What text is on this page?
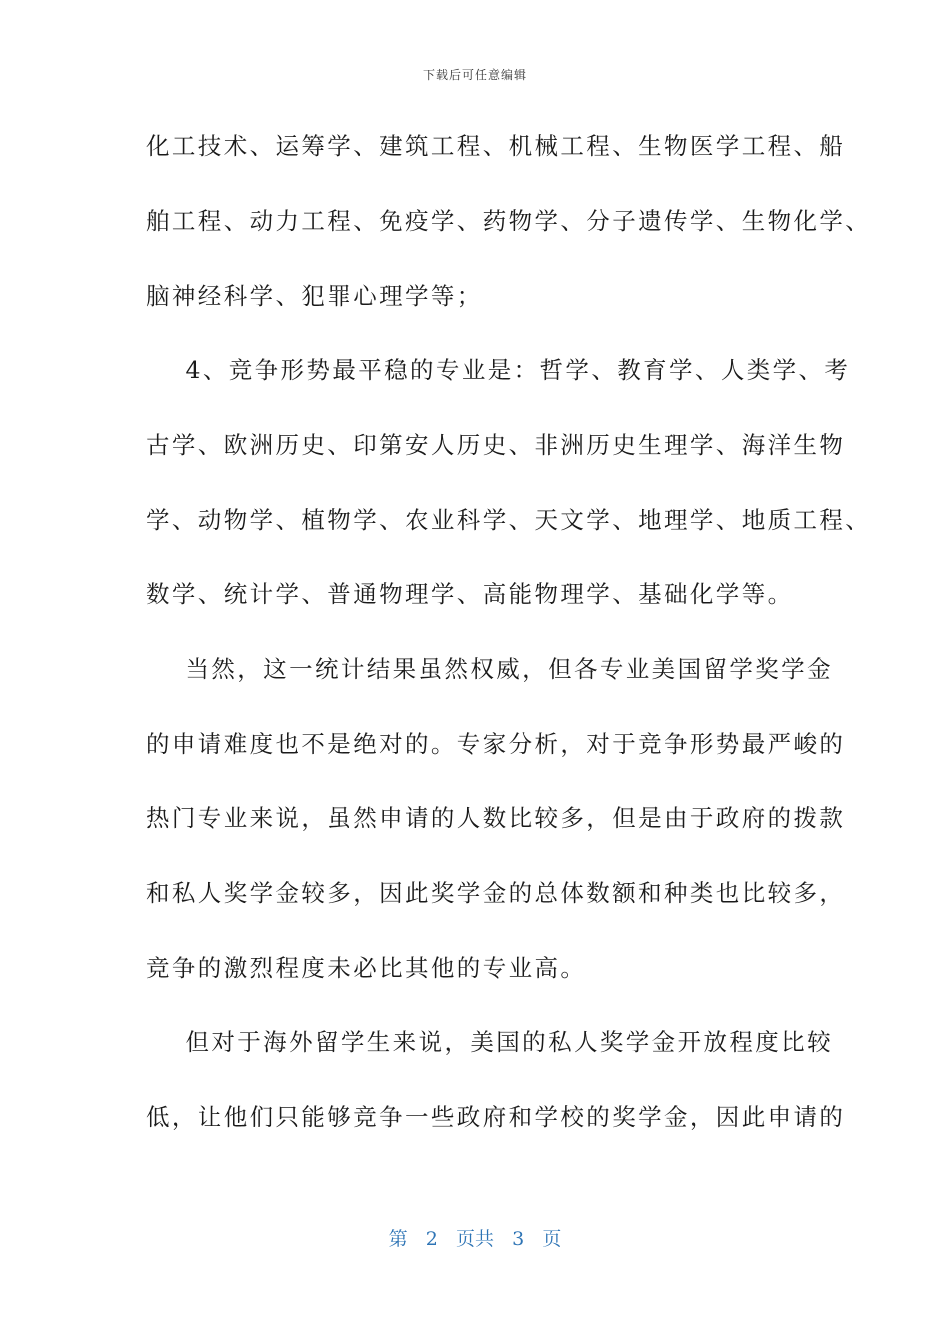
下载后可任意编辑
化工技术、运筹学、建筑工程、机械工程、生物医学工程、船
舶工程、动力工程、免疫学、药物学、分子遗传学、生物化学、
脑神经科学、犯罪心理学等；
4、竞争形势最平稳的专业是：哲学、教育学、人类学、考
古学、欧洲历史、印第安人历史、非洲历史生理学、海洋生物
学、动物学、植物学、农业科学、天文学、地理学、地质工程、
数学、统计学、普通物理学、高能物理学、基础化学等。
当然，这一统计结果虽然权威，但各专业美国留学奖学金
的申请难度也不是绝对的。专家分析，对于竞争形势最严峻的
热门专业来说，虽然申请的人数比较多，但是由于政府的拨款
和私人奖学金较多，因此奖学金的总体数额和种类也比较多，
竞争的激烈程度未必比其他的专业高。
但对于海外留学生来说，美国的私人奖学金开放程度比较
低，让他们只能够竞争一些政府和学校的奖学金，因此申请的
第 2 页共 3 页
